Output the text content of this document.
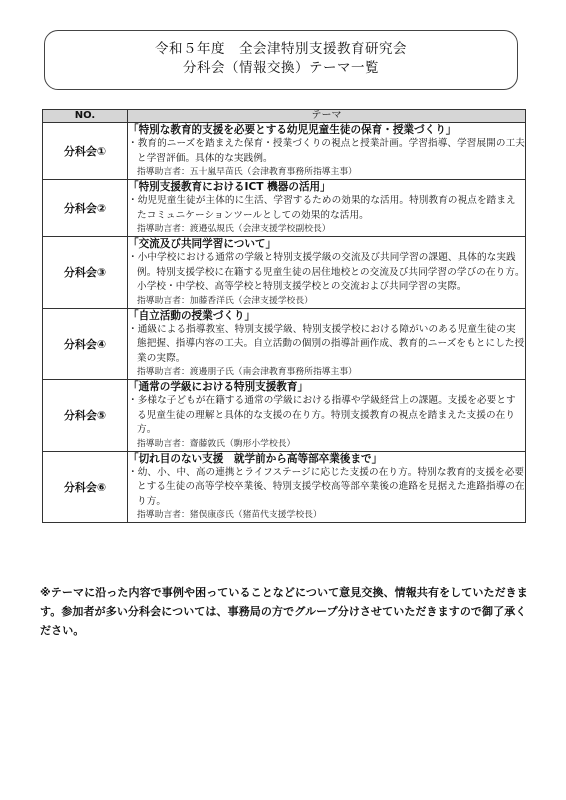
令和５年度　全会津特別支援教育研究会
分科会（情報交換）テーマ一覧
NO.	テーマ
分科会①	「特別な教育的支援を必要とする幼児児童生徒の保育・授業づくり」
・教育的ニーズを踏まえた保育・授業づくりの視点と授業計画。学習指導、学習展開の工夫と学習評価。具体的な実践例。
指導助言者：五十嵐早苗氏（会津教育事務所指導主事）

分科会②	「特別支援教育におけるICT 機器の活用」
・幼児児童生徒が主体的に生活、学習するための効果的な活用。特別教育の視点を踏まえたコミュニケーションツールとしての効果的な活用。
指導助言者：渡邉弘規氏（会津支援学校副校長）

分科会③	「交流及び共同学習について」
・小中学校における通常の学級と特別支援学級の交流及び共同学習の課題、具体的な実践例。特別支援学校に在籍する児童生徒の居住地校との交流及び共同学習の学びの在り方。小学校・中学校、高等学校と特別支援学校との交流および共同学習の実際。
指導助言者：加藤香洋氏（会津支援学校長）

分科会④	「自立活動の授業づくり」
・通級による指導教室、特別支援学級、特別支援学校における障がいのある児童生徒の実態把握、指導内容の工夫。自立活動の個別の指導計画作成、教育的ニーズをもとにした授業の実際。
指導助言者：渡邊朋子氏（南会津教育事務所指導主事）

分科会⑤	「通常の学級における特別支援教育」
・多様な子どもが在籍する通常の学級における指導や学級経営上の課題。支援を必要とする児童生徒の理解と具体的な支援の在り方。特別支援教育の視点を踏まえた支援の在り方。
指導助言者：齋藤敦氏（駒形小学校長）

分科会⑥	「切れ目のない支援　就学前から高等部卒業後まで」
・幼、小、中、高の連携とライフステージに応じた支援の在り方。特別な教育的支援を必要とする生徒の高等学校卒業後、特別支援学校高等部卒業後の進路を見据えた進路指導の在り方。
指導助言者：猪俣康彦氏（猪苗代支援学校長）
※テーマに沿った内容で事例や困っていることなどについて意見交換、情報共有をしていただきます。参加者が多い分科会については、事務局の方でグループ分けさせていただきますので御了承ください。
